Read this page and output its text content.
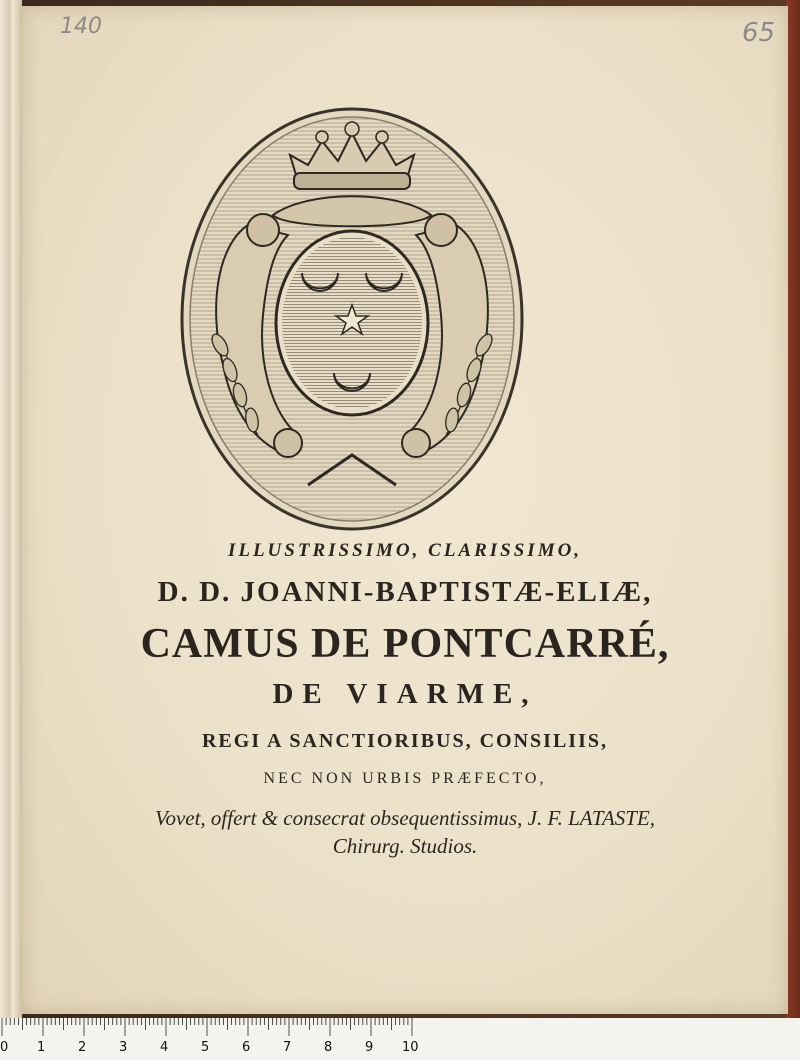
140	65
ILLUSTRISSIMO, CLARISSIMO,
D. D. JOANNI-BAPTISTÆ-ELIÆ,
CAMUS DE PONTCARRÉ,
DE VIARME,
REGI A SANCTIORIBUS, CONSILIIS,
NEC NON URBIS PRÆFECTO,
Vovet, offert & consecrat obsequentissimus, J. F. LATASTE,
Chirurg. Studios.
0 1	2	3	4	5	6	7	8	9 10
